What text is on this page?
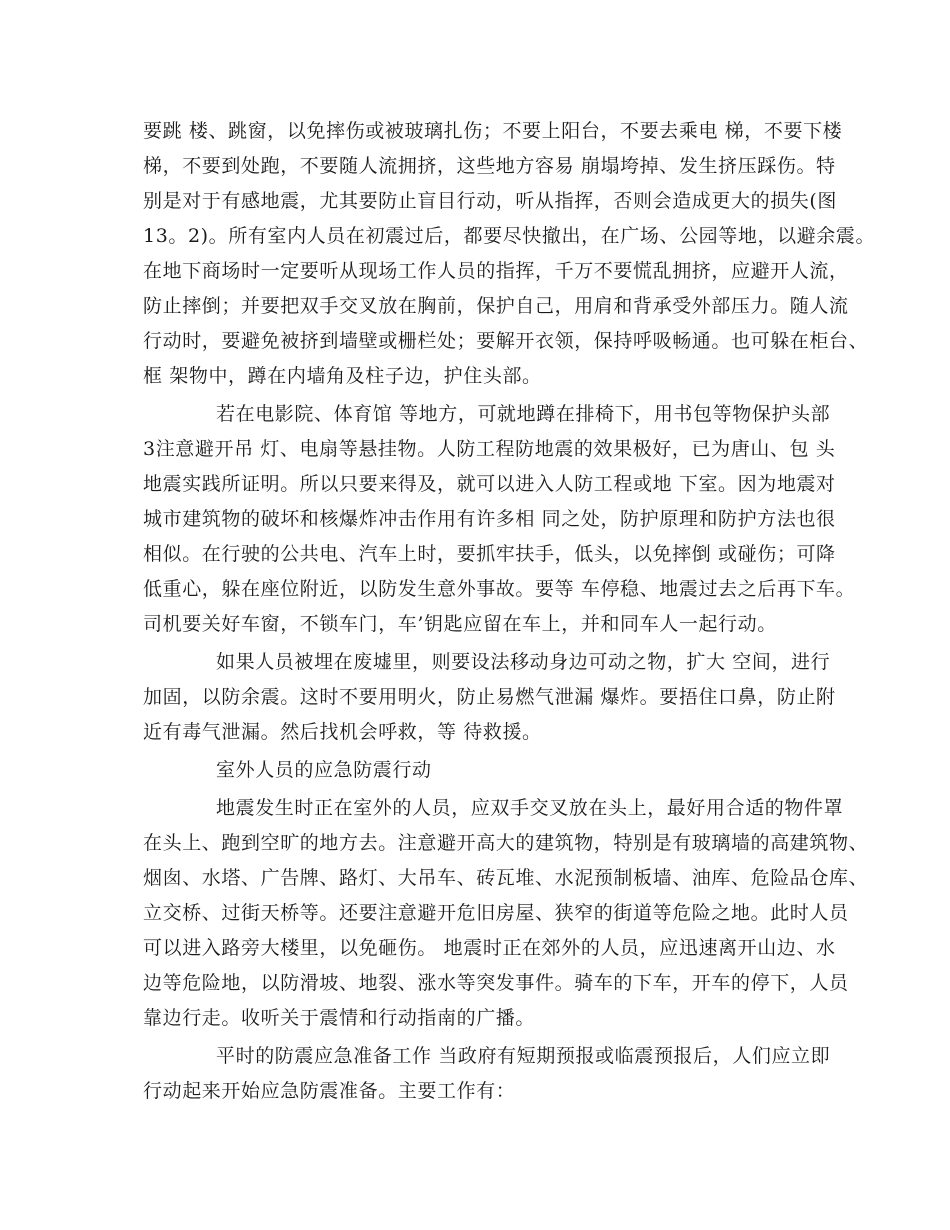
要跳 楼、跳窗，以免摔伤或被玻璃扎伤；不要上阳台，不要去乘电 梯，不要下楼
梯，不要到处跑，不要随人流拥挤，这些地方容易 崩塌垮掉、发生挤压踩伤。特
别是对于有感地震，尤其要防止盲目行动，听从指挥，否则会造成更大的损失(图
13。2)。所有室内人员在初震过后，都要尽快撤出，在广场、公园等地，以避余震。
在地下商场时一定要听从现场工作人员的指挥，千万不要慌乱拥挤，应避开人流，
防止摔倒；并要把双手交叉放在胸前，保护自己，用肩和背承受外部压力。随人流
行动时，要避免被挤到墙壁或栅栏处；要解开衣领，保持呼吸畅通。也可躲在柜台、
框 架物中，蹲在内墙角及柱子边，护住头部。
若在电影院、体育馆 等地方，可就地蹲在排椅下，用书包等物保护头部
3注意避开吊 灯、电扇等悬挂物。人防工程防地震的效果极好，已为唐山、包 头
地震实践所证明。所以只要来得及，就可以进入人防工程或地 下室。因为地震对
城市建筑物的破坏和核爆炸冲击作用有许多相 同之处，防护原理和防护方法也很
相似。在行驶的公共电、汽车上时，要抓牢扶手，低头，以免摔倒 或碰伤；可降
低重心，躲在座位附近，以防发生意外事故。要等 车停稳、地震过去之后再下车。
司机要关好车窗，不锁车门，车’钥匙应留在车上，并和同车人一起行动。
如果人员被埋在废墟里，则要设法移动身边可动之物，扩大 空间，进行
加固，以防余震。这时不要用明火，防止易燃气泄漏 爆炸。要捂住口鼻，防止附
近有毒气泄漏。然后找机会呼救，等 待救援。
室外人员的应急防震行动
地震发生时正在室外的人员，应双手交叉放在头上，最好用合适的物件罩
在头上、跑到空旷的地方去。注意避开高大的建筑物，特别是有玻璃墙的高建筑物、
烟囱、水塔、广告牌、路灯、大吊车、砖瓦堆、水泥预制板墙、油库、危险品仓库、
立交桥、过街天桥等。还要注意避开危旧房屋、狭窄的街道等危险之地。此时人员
可以进入路旁大楼里，以免砸伤。 地震时正在郊外的人员，应迅速离开山边、水
边等危险地，以防滑坡、地裂、涨水等突发事件。骑车的下车，开车的停下，人员
靠边行走。收听关于震情和行动指南的广播。
平时的防震应急准备工作 当政府有短期预报或临震预报后，人们应立即
行动起来开始应急防震准备。主要工作有：
